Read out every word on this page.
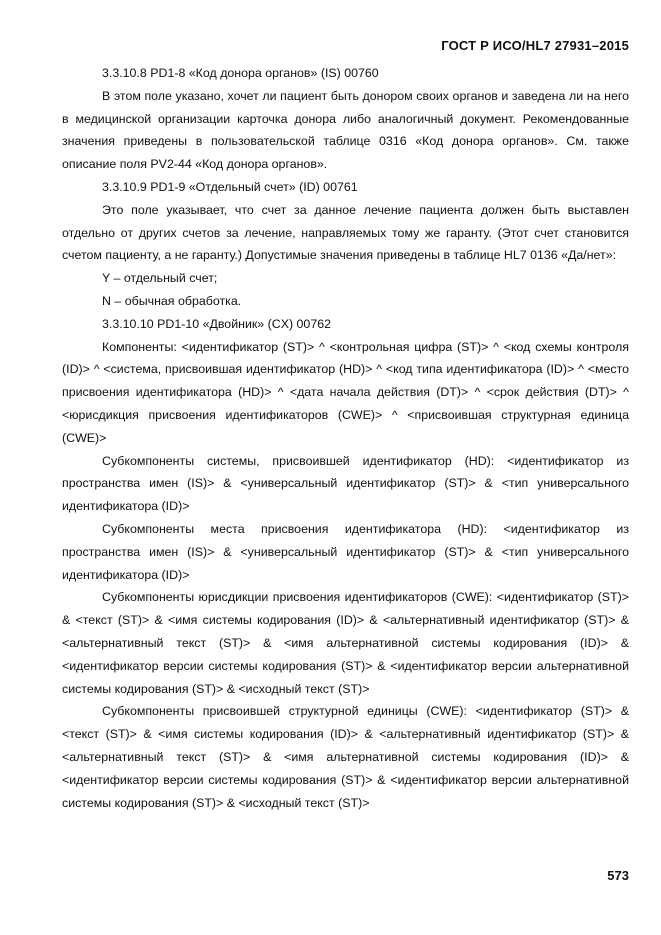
ГОСТ Р ИСО/HL7 27931–2015

3.3.10.8 PD1-8 «Код донора органов» (IS) 00760

В этом поле указано, хочет ли пациент быть донором своих органов и заведена ли на него в медицинской организации карточка донора либо аналогичный документ. Рекомендованные значения приведены в пользовательской таблице 0316 «Код донора органов». См. также описание поля PV2-44 «Код донора органов».

3.3.10.9 PD1-9 «Отдельный счет» (ID) 00761

Это поле указывает, что счет за данное лечение пациента должен быть выставлен отдельно от других счетов за лечение, направляемых тому же гаранту. (Этот счет становится счетом пациенту, а не гаранту.) Допустимые значения приведены в таблице HL7 0136 «Да/нет»:

Y – отдельный счет;

N – обычная обработка.

3.3.10.10 PD1-10 «Двойник» (CX) 00762

Компоненты: <идентификатор (ST)> ^ <контрольная цифра (ST)> ^ <код схемы контроля (ID)> ^ <система, присвоившая идентификатор (HD)> ^ <код типа идентификатора (ID)> ^ <место присвоения идентификатора (HD)> ^ <дата начала действия (DT)> ^ <срок действия (DT)> ^ <юрисдикция присвоения идентификаторов (CWE)> ^ <присвоившая структурная единица (CWE)>

Субкомпоненты системы, присвоившей идентификатор (HD): <идентификатор из пространства имен (IS)> & <универсальный идентификатор (ST)> & <тип универсального идентификатора (ID)>

Субкомпоненты места присвоения идентификатора (HD): <идентификатор из пространства имен (IS)> & <универсальный идентификатор (ST)> & <тип универсального идентификатора (ID)>

Субкомпоненты юрисдикции присвоения идентификаторов (CWE): <идентификатор (ST)> & <текст (ST)> & <имя системы кодирования (ID)> & <альтернативный идентификатор (ST)> & <альтернативный текст (ST)> & <имя альтернативной системы кодирования (ID)> & <идентификатор версии системы кодирования (ST)> & <идентификатор версии альтернативной системы кодирования (ST)> & <исходный текст (ST)>

Субкомпоненты присвоившей структурной единицы (CWE): <идентификатор (ST)> & <текст (ST)> & <имя системы кодирования (ID)> & <альтернативный идентификатор (ST)> & <альтернативный текст (ST)> & <имя альтернативной системы кодирования (ID)> & <идентификатор версии системы кодирования (ST)> & <идентификатор версии альтернативной системы кодирования (ST)> & <исходный текст (ST)>

573
